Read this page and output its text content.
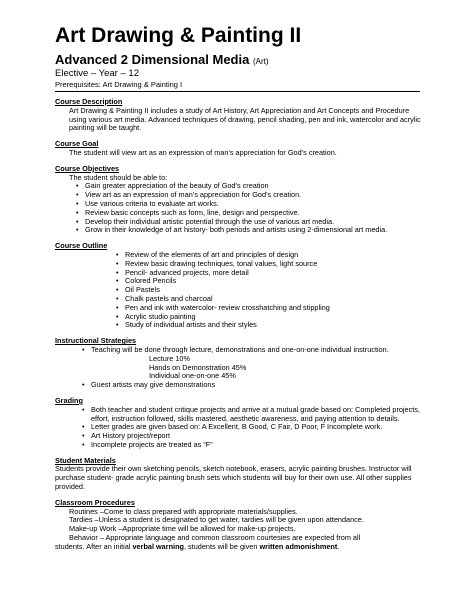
Art Drawing & Painting II
Advanced 2 Dimensional Media (Art)
Elective – Year – 12
Prerequisites: Art Drawing & Painting I
Course Description
Art Drawing & Painting II includes a study of Art History, Art Appreciation and Art Concepts and Procedure using various art media. Advanced techniques of drawing, pencil shading, pen and ink, watercolor and acrylic painting will be taught.
Course Goal
The student will view art as an expression of man’s appreciation for God’s creation.
Course Objectives
The student should be able to:
• Gain greater appreciation of the beauty of God’s creation
• View art as an expression of man’s appreciation for God’s creation.
• Use various criteria to evaluate art works.
• Review basic concepts such as form, line, design and perspective.
• Develop their individual artistic potential through the use of various art media.
• Grow in their knowledge of art history- both periods and artists using 2-dimensional art media.
Course Outline
• Review of the elements of art and principles of design
• Review basic drawing techniques, tonal values, light source
• Pencil- advanced projects, more detail
• Colored Pencils
• Oil Pastels
• Chalk pastels and charcoal
• Pen and ink with watercolor- review crosshatching and stippling
• Acrylic studio painting
• Study of individual artists and their styles
Instructional Strategies
• Teaching will be done through lecture, demonstrations and one-on-one individual instruction.
Lecture 10%
Hands on Demonstration 45%
Individual one-on-one 45%
• Guest artists may give demonstrations
Grading
• Both teacher and student critique projects and arrive at a mutual grade based on: Completed projects, effort, instruction followed, skills mastered, aesthetic awareness, and paying attention to details.
• Letter grades are given based on: A Excellent, B Good, C Fair, D Poor, F Incomplete work.
• Art History project/report
• Incomplete projects are treated as “F”
Student Materials
Students provide their own sketching pencils, sketch notebook, erasers, acrylic painting brushes. Instructor will purchase student- grade acrylic painting brush sets which students will buy for their own use. All other supplies provided.
Classroom Procedures
Routines –Come to class prepared with appropriate materials/supplies.
Tardies –Unless a student is designated to get water, tardies will be given upon attendance.
Make-up Work –Appropriate time will be allowed for make-up projects.
Behavior – Appropriate language and common classroom courtesies are expected from all
students. After an initial verbal warning, students will be given written admonishment.
